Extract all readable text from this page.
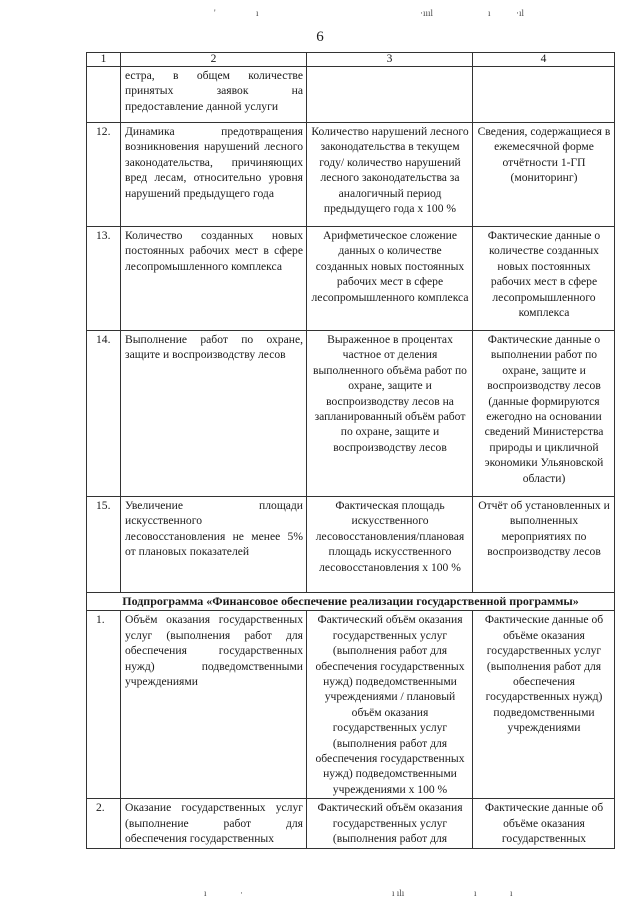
'	ı	·ıııl	ı	·ıl
ı	·	ı ılı	ı	ı
6
1	2	3	4
	естра, в общем количестве принятых заявок на предоставление данной услуги		
12.	Динамика предотвращения возникновения нарушений лесного законодательства, причиняющих вред лесам, относительно уровня нарушений предыдущего года	Количество нарушений лесного законодательства в текущем году/ количество нарушений лесного законодательства за аналогичный период предыдущего года x 100 %	Сведения, содержащиеся в ежемесячной форме отчётности 1-ГП (мониторинг)
13.	Количество созданных новых постоянных рабочих мест в сфере лесопромышленного комплекса	Арифметическое сложение данных о количестве созданных новых постоянных рабочих мест в сфере лесопромышленного комплекса	Фактические данные о количестве созданных новых постоянных рабочих мест в сфере лесопромышленного комплекса
14.	Выполнение работ по охране, защите и воспроизводству лесов	Выраженное в процентах частное от деления выполненного объёма работ по охране, защите и воспроизводству лесов на запланированный объём работ по охране, защите и воспроизводству лесов	Фактические данные о выполнении работ по охране, защите и воспроизводству лесов (данные формируются ежегодно на основании сведений Министерства природы и цикличной экономики Ульяновской области)
15.	Увеличение площади искусственного лесовосстановления не менее 5% от плановых показателей	Фактическая площадь искусственного лесовосстановления/плановая площадь искусственного лесовосстановления x 100 %	Отчёт об установленных и выполненных мероприятиях по воспроизводству лесов
Подпрограмма «Финансовое обеспечение реализации государственной программы»			
1.	Объём оказания государственных услуг (выполнения работ для обеспечения государственных нужд) подведомственными учреждениями	Фактический объём оказания государственных услуг (выполнения работ для обеспечения государственных нужд) подведомственными учреждениями / плановый объём оказания государственных услуг (выполнения работ для обеспечения государственных нужд) подведомственными учреждениями x 100 %	Фактические данные об объёме оказания государственных услуг (выполнения работ для обеспечения государственных нужд) подведомственными учреждениями
2.	Оказание государственных услуг (выполнение работ для обеспечения государственных	Фактический объём оказания государственных услуг (выполнения работ для	Фактические данные об объёме оказания государственных
